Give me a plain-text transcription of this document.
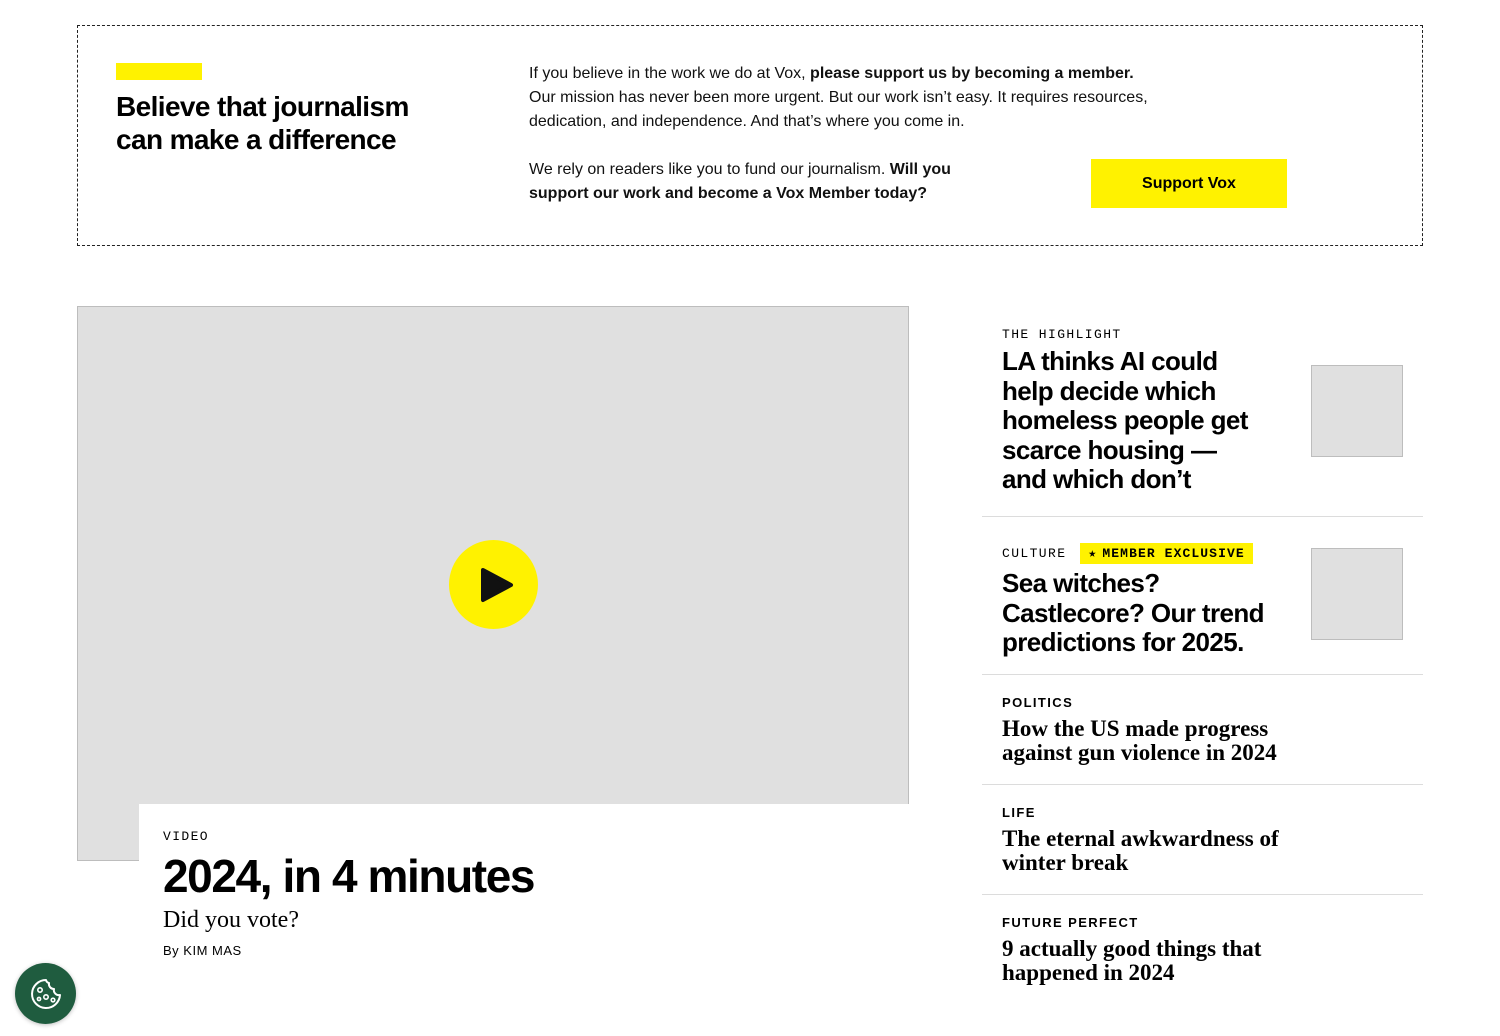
Believe that journalism can make a difference

If you believe in the work we do at Vox, please support us by becoming a member. Our mission has never been more urgent. But our work isn’t easy. It requires resources, dedication, and independence. And that’s where you come in.

We rely on readers like you to fund our journalism. Will you support our work and become a Vox Member today?

Support Vox
VIDEO
2024, in 4 minutes

Did you vote?

By KIM MAS
THE HIGHLIGHT
LA thinks AI could help decide which homeless people get scarce housing — and which don’t
CULTURE ★ MEMBER EXCLUSIVE
Sea witches? Castlecore? Our trend predictions for 2025.
POLITICS
How the US made progress against gun violence in 2024
LIFE
The eternal awkwardness of winter break
FUTURE PERFECT
9 actually good things that happened in 2024
